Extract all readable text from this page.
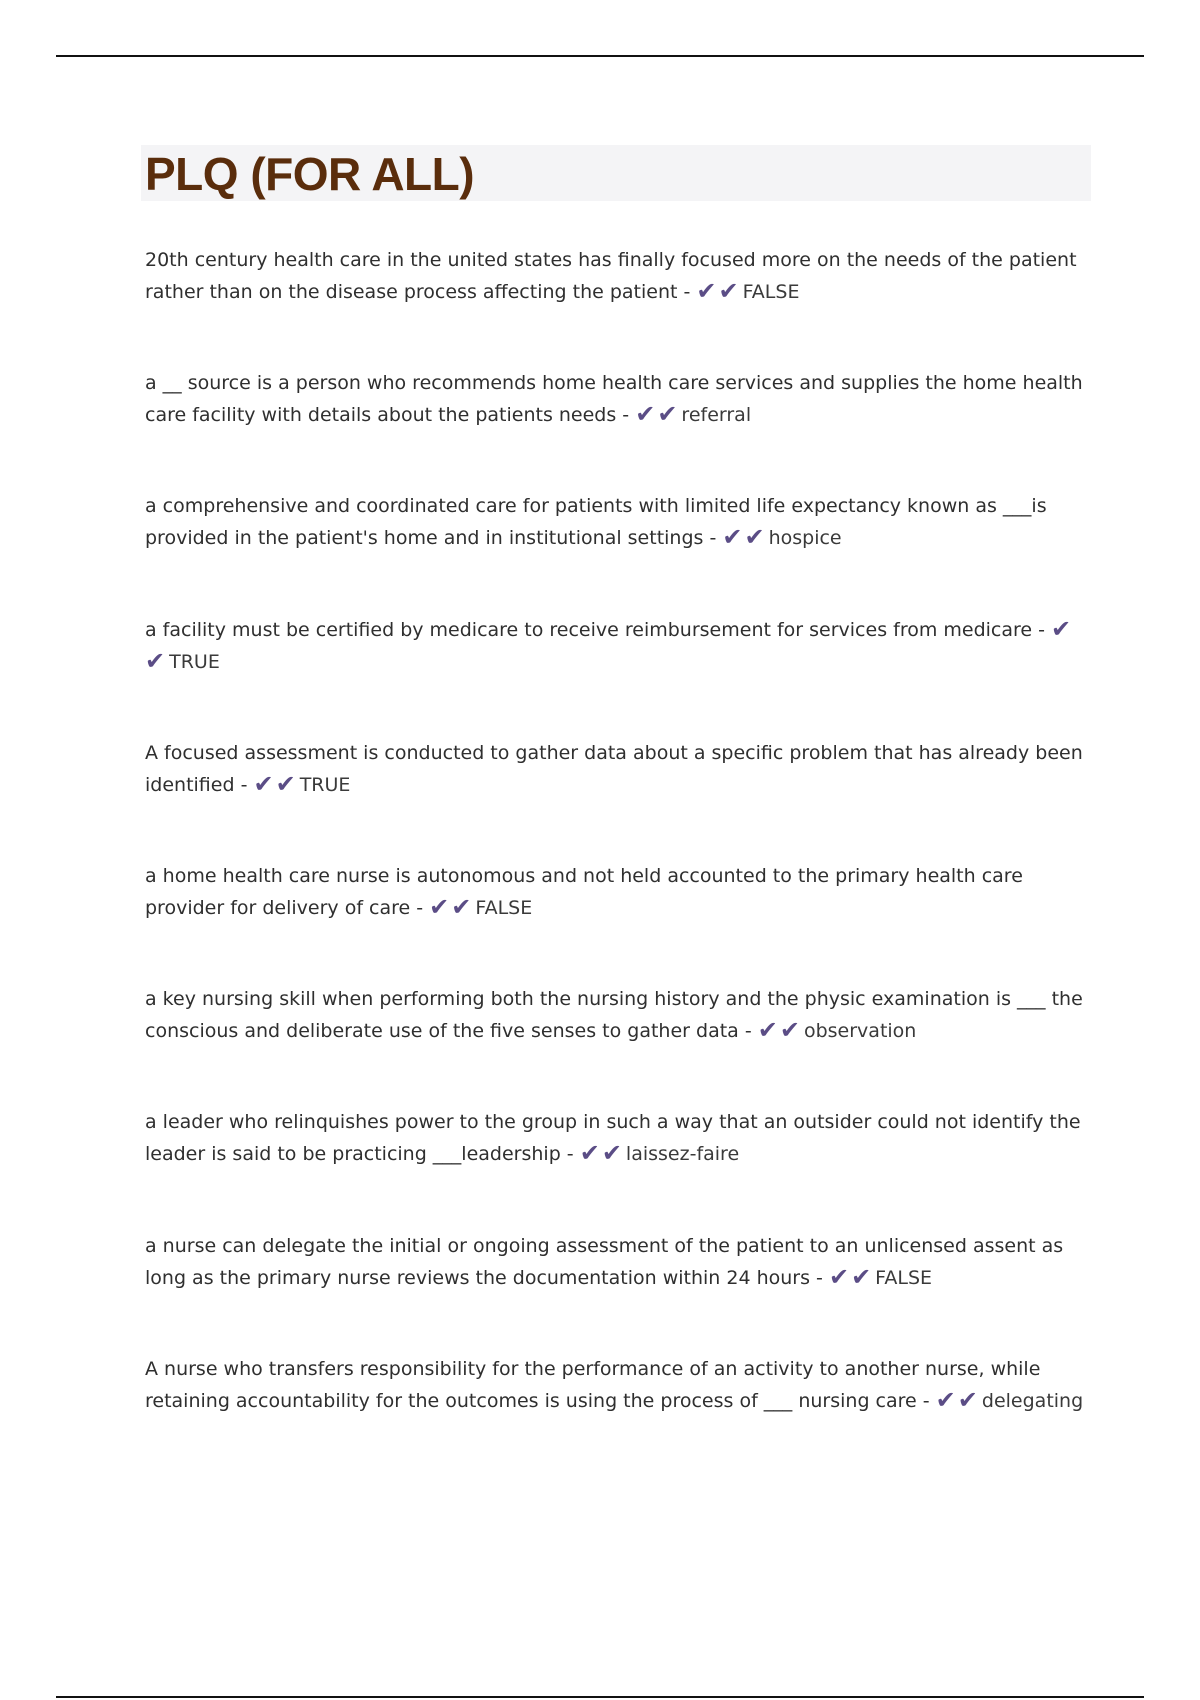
PLQ (FOR ALL)

20th century health care in the united states has finally focused more on the needs of the patient rather than on the disease process affecting the patient - ✔✔ FALSE

a __ source is a person who recommends home health care services and supplies the home health care facility with details about the patients needs - ✔✔ referral

a comprehensive and coordinated care for patients with limited life expectancy known as ___is provided in the patient's home and in institutional settings - ✔✔ hospice

a facility must be certified by medicare to receive reimbursement for services from medicare - ✔✔ TRUE

A focused assessment is conducted to gather data about a specific problem that has already been identified - ✔✔ TRUE

a home health care nurse is autonomous and not held accounted to the primary health care provider for delivery of care - ✔✔ FALSE

a key nursing skill when performing both the nursing history and the physic examination is ___ the conscious and deliberate use of the five senses to gather data - ✔✔ observation

a leader who relinquishes power to the group in such a way that an outsider could not identify the leader is said to be practicing ___leadership - ✔✔ laissez-faire

a nurse can delegate the initial or ongoing assessment of the patient to an unlicensed assent as long as the primary nurse reviews the documentation within 24 hours - ✔✔ FALSE

A nurse who transfers responsibility for the performance of an activity to another nurse, while retaining accountability for the outcomes is using the process of ___ nursing care - ✔✔ delegating
